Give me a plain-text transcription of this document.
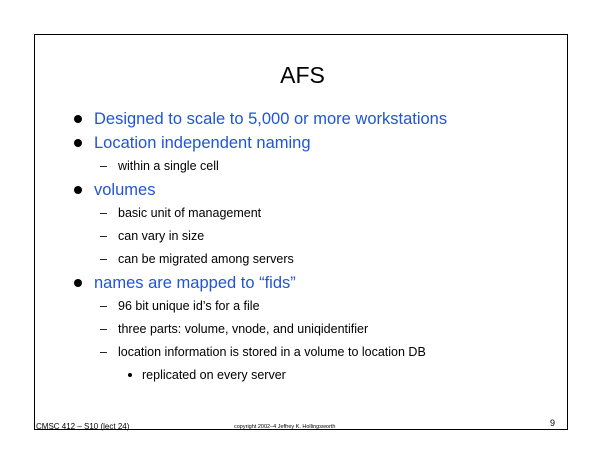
AFS
Designed to scale to 5,000 or more workstations
Location independent naming
– within a single cell
volumes
– basic unit of management
– can vary in size
– can be migrated among servers
names are mapped to “fids”
– 96 bit unique id’s for a file
– three parts: volume, vnode, and uniqidentifier
– location information is stored in a volume to location DB
replicated on every server
CMSC 412 – S10 (lect 24)	copyright 2002–4 Jeffrey K. Hollingsworth	9
